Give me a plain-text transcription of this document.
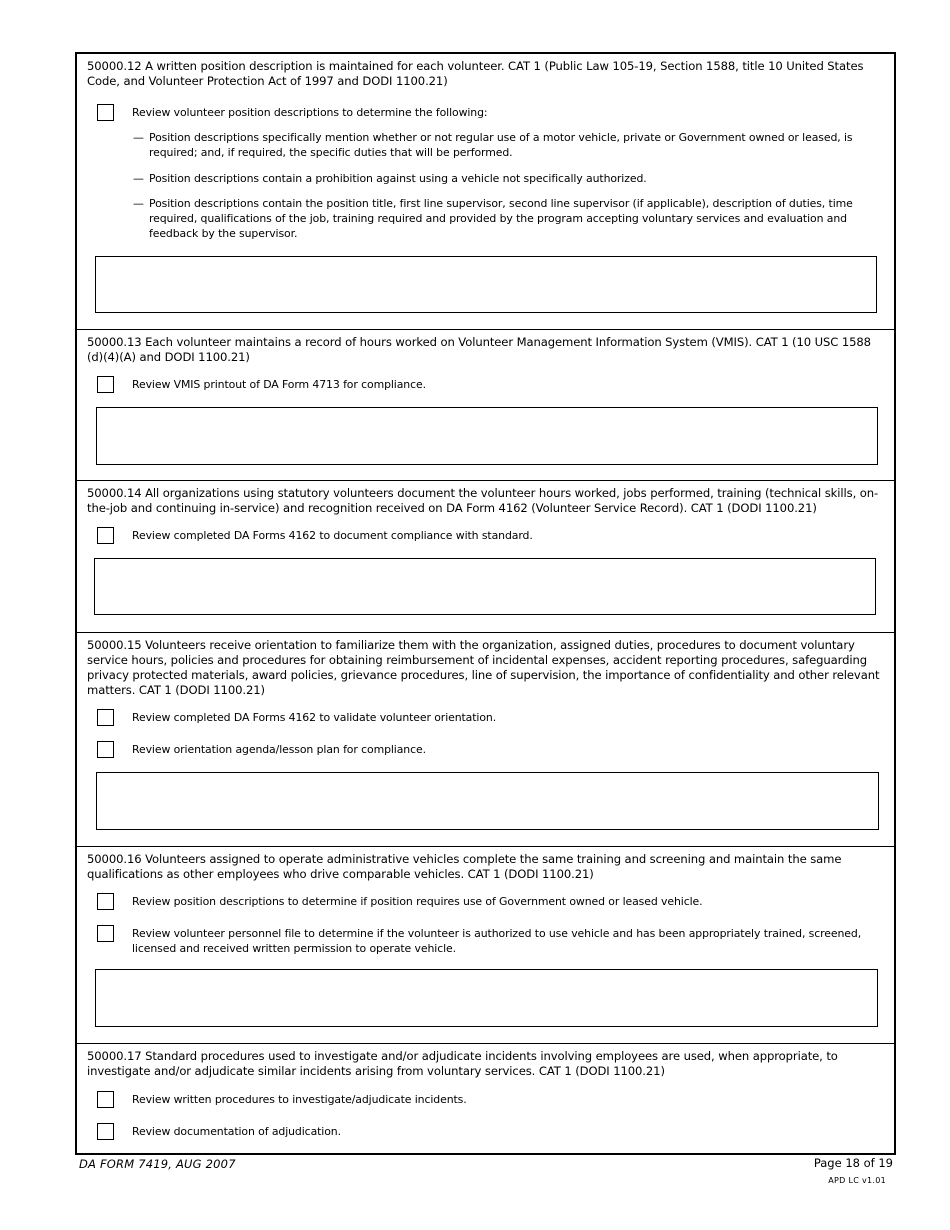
50000.12 A written position description is maintained for each volunteer. CAT 1 (Public Law 105-19, Section 1588, title 10 United States Code, and Volunteer Protection Act of 1997 and DODI 1100.21)
Review volunteer position descriptions to determine the following:
— Position descriptions specifically mention whether or not regular use of a motor vehicle, private or Government owned or leased, is required; and, if required, the specific duties that will be performed.
— Position descriptions contain a prohibition against using a vehicle not specifically authorized.
— Position descriptions contain the position title, first line supervisor, second line supervisor (if applicable), description of duties, time required, qualifications of the job, training required and provided by the program accepting voluntary services and evaluation and feedback by the supervisor.
50000.13 Each volunteer maintains a record of hours worked on Volunteer Management Information System (VMIS). CAT 1 (10 USC 1588 (d)(4)(A) and DODI 1100.21)
Review VMIS printout of DA Form 4713 for compliance.
50000.14 All organizations using statutory volunteers document the volunteer hours worked, jobs performed, training (technical skills, on-the-job and continuing in-service) and recognition received on DA Form 4162 (Volunteer Service Record). CAT 1 (DODI 1100.21)
Review completed DA Forms 4162 to document compliance with standard.
50000.15 Volunteers receive orientation to familiarize them with the organization, assigned duties, procedures to document voluntary service hours, policies and procedures for obtaining reimbursement of incidental expenses, accident reporting procedures, safeguarding privacy protected materials, award policies, grievance procedures, line of supervision, the importance of confidentiality and other relevant matters. CAT 1 (DODI 1100.21)
Review completed DA Forms 4162 to validate volunteer orientation.
Review orientation agenda/lesson plan for compliance.
50000.16 Volunteers assigned to operate administrative vehicles complete the same training and screening and maintain the same qualifications as other employees who drive comparable vehicles. CAT 1 (DODI 1100.21)
Review position descriptions to determine if position requires use of Government owned or leased vehicle.
Review volunteer personnel file to determine if the volunteer is authorized to use vehicle and has been appropriately trained, screened, licensed and received written permission to operate vehicle.
50000.17 Standard procedures used to investigate and/or adjudicate incidents involving employees are used, when appropriate, to investigate and/or adjudicate similar incidents arising from voluntary services. CAT 1 (DODI 1100.21)
Review written procedures to investigate/adjudicate incidents.
Review documentation of adjudication.
DA FORM 7419, AUG 2007	Page 18 of 19
APD LC v1.01
